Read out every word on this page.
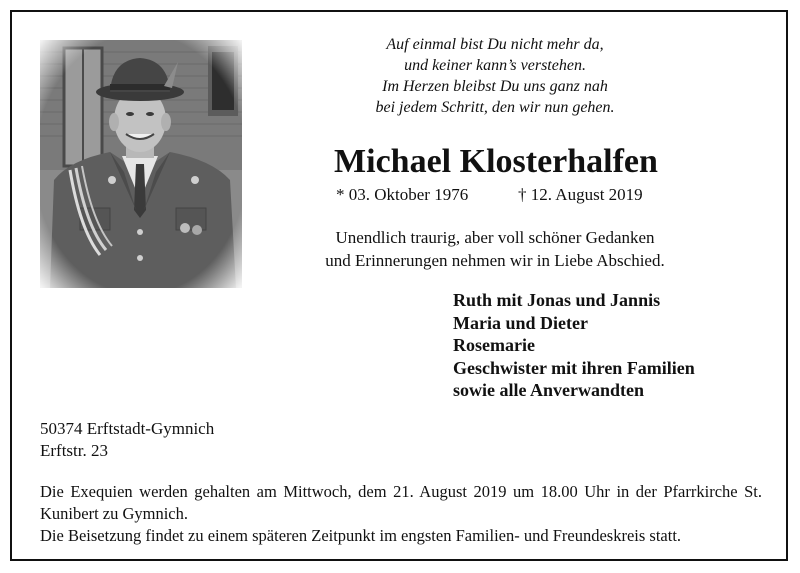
Auf einmal bist Du nicht mehr da,
und keiner kann’s verstehen.
Im Herzen bleibst Du uns ganz nah
bei jedem Schritt, den wir nun gehen.
Michael Klosterhalfen
* 03. Oktober 1976	† 12. August 2019
Unendlich traurig, aber voll schöner Gedanken
und Erinnerungen nehmen wir in Liebe Abschied.
Ruth mit Jonas und Jannis
Maria und Dieter
Rosemarie
Geschwister mit ihren Familien
sowie alle Anverwandten
50374 Erftstadt-Gymnich
Erftstr. 23
Die Exequien werden gehalten am Mittwoch, dem 21. August 2019 um 18.00 Uhr in der Pfarrkirche St. Kunibert zu Gymnich.
Die Beisetzung findet zu einem späteren Zeitpunkt im engsten Familien- und Freundeskreis statt.
